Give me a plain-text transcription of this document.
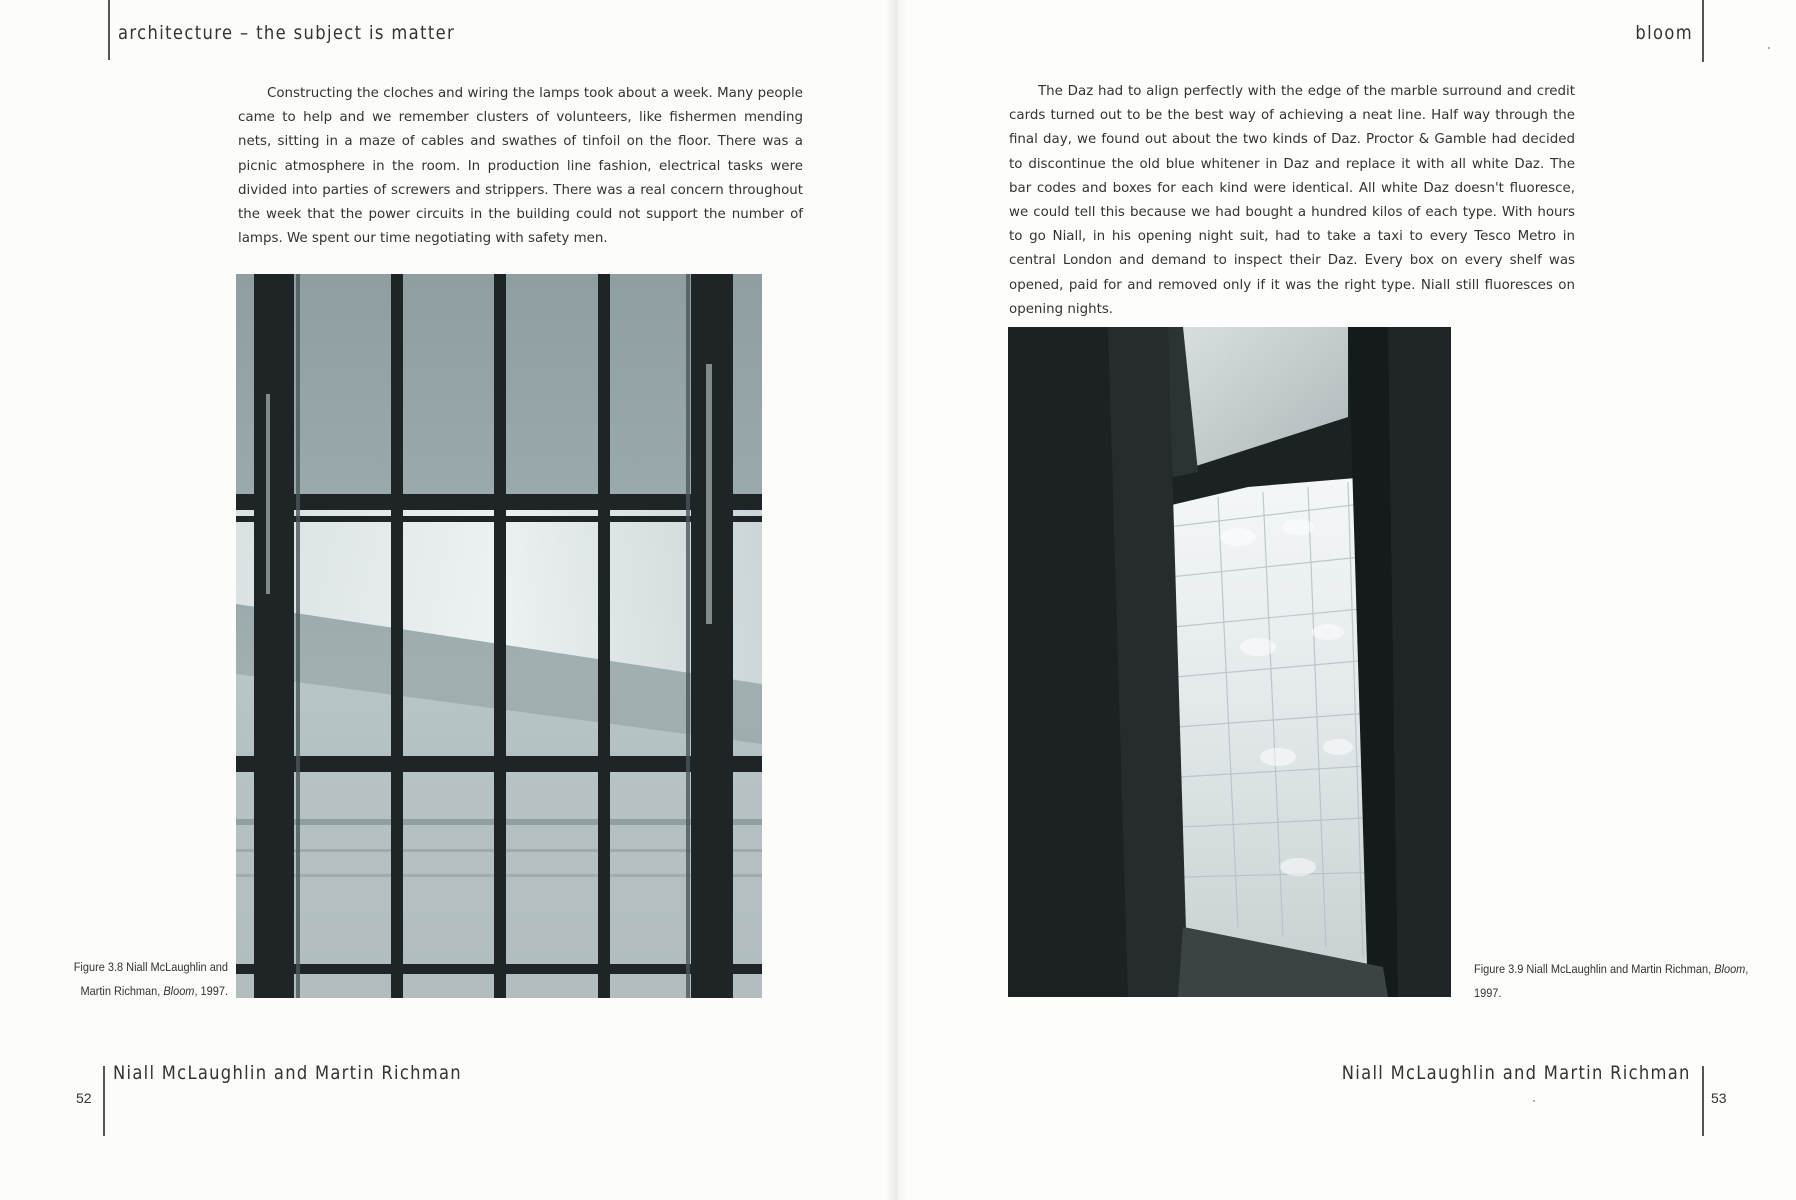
architecture – the subject is matter

Constructing the cloches and wiring the lamps took about a week. Many people came to help and we remember clusters of volunteers, like fishermen mending nets, sitting in a maze of cables and swathes of tinfoil on the floor. There was a picnic atmosphere in the room. In production line fashion, electrical tasks were divided into parties of screwers and strippers. There was a real concern throughout the week that the power circuits in the building could not support the number of lamps. We spent our time negotiating with safety men.

Figure 3.8 Niall McLaughlin and
Martin Richman, Bloom, 1997.
Niall McLaughlin and Martin Richman
52
bloom

The Daz had to align perfectly with the edge of the marble surround and credit cards turned out to be the best way of achieving a neat line. Half way through the final day, we found out about the two kinds of Daz. Proctor & Gamble had decided to discontinue the old blue whitener in Daz and replace it with all white Daz. The bar codes and boxes for each kind were identical. All white Daz doesn't fluoresce, we could tell this because we had bought a hundred kilos of each type. With hours to go Niall, in his opening night suit, had to take a taxi to every Tesco Metro in central London and demand to inspect their Daz. Every box on every shelf was opened, paid for and removed only if it was the right type. Niall still fluoresces on opening nights.

Figure 3.9 Niall McLaughlin and Martin Richman, Bloom,
1997.
Niall McLaughlin and Martin Richman
53
